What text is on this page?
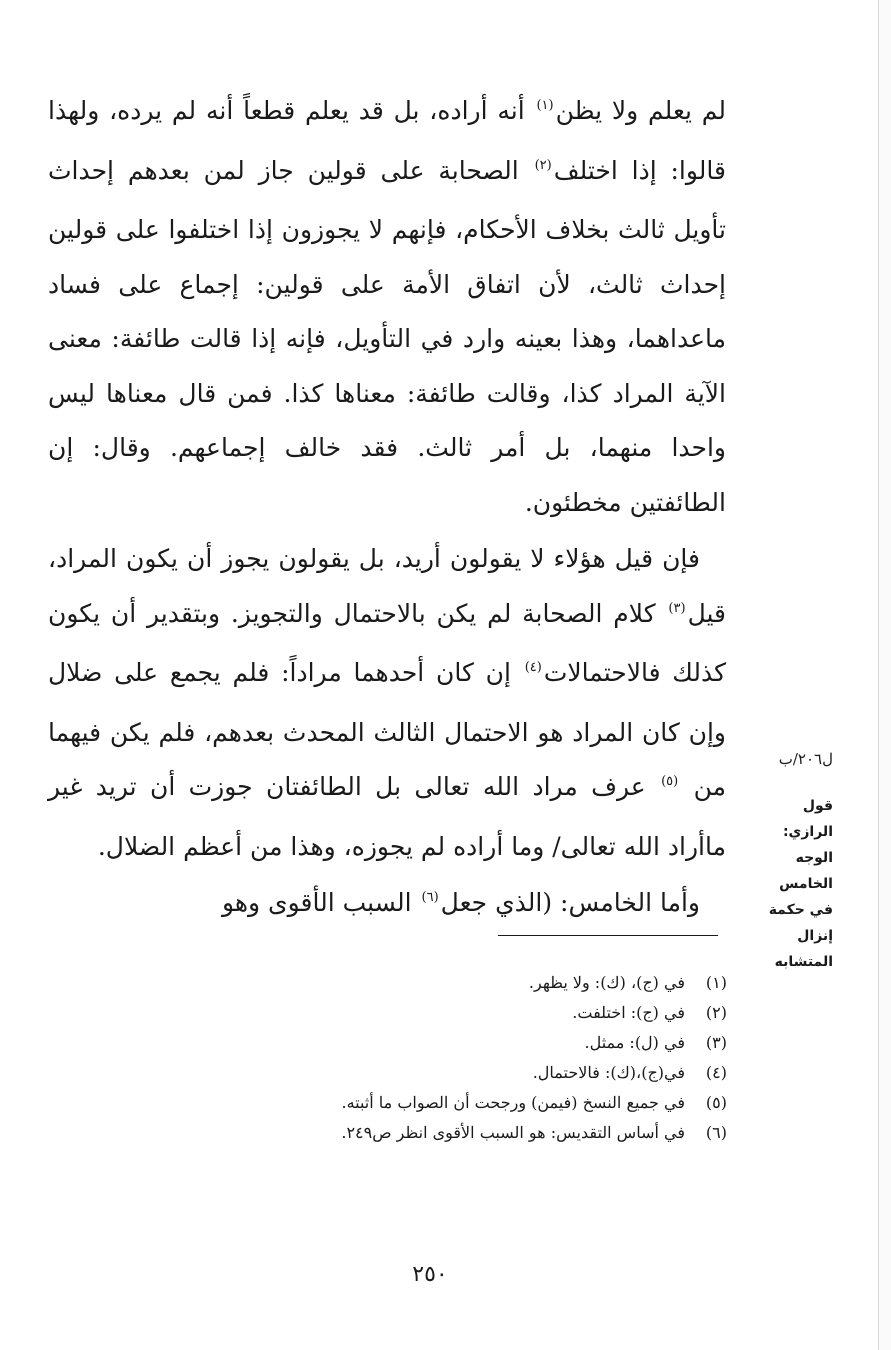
لم يعلم ولا يظن$^{(١)}$ أنه أراده، بل قد يعلم قطعاً أنه لم يرده، ولهذا قالوا: إذا اختلف$^{(٢)}$ الصحابة على قولين جاز لمن بعدهم إحداث تأويل ثالث بخلاف الأحكام، فإنهم لا يجوزون إذا اختلفوا على قولين إحداث ثالث، لأن اتفاق الأمة على قولين: إجماع على فساد ماعداهما، وهذا بعينه وارد في التأويل، فإنه إذا قالت طائفة: معنى الآية المراد كذا، وقالت طائفة: معناها كذا. فمن قال معناها ليس واحدا منهما، بل أمر ثالث. فقد خالف إجماعهم. وقال: إن الطائفتين مخطئون.

فإن قيل هؤلاء لا يقولون أريد، بل يقولون يجوز أن يكون المراد، قيل$^{(٣)}$ كلام الصحابة لم يكن بالاحتمال والتجويز. وبتقدير أن يكون كذلك فالاحتمالات$^{(٤)}$ إن كان أحدهما مراداً: فلم يجمع على ضلال وإن كان المراد هو الاحتمال الثالث المحدث بعدهم، فلم يكن فيهما من $^{(٥)}$ عرف مراد الله تعالى بل الطائفتان جوزت أن تريد غير ماأراد الله تعالى/ وما أراده لم يجوزه، وهذا من أعظم الضلال.

وأما الخامس: (الذي جعل$^{(٦)}$ السبب الأقوى وهو

ل٢٠٦/ب
قول الرازي: الوجه الخامس في حكمة إنزال المتشابه
(١)
في (ج)، (ك): ولا يظهر.
(٢)
في (ج): اختلفت.
(٣)
في (ل): ممثل.
(٤)
في(ج)،(ك): فالاحتمال.
(٥)
في جميع النسخ (فيمن) ورجحت أن الصواب ما أثبته.
(٦)
في أساس التقديس: هو السبب الأقوى انظر ص٢٤٩.
٢٥٠
